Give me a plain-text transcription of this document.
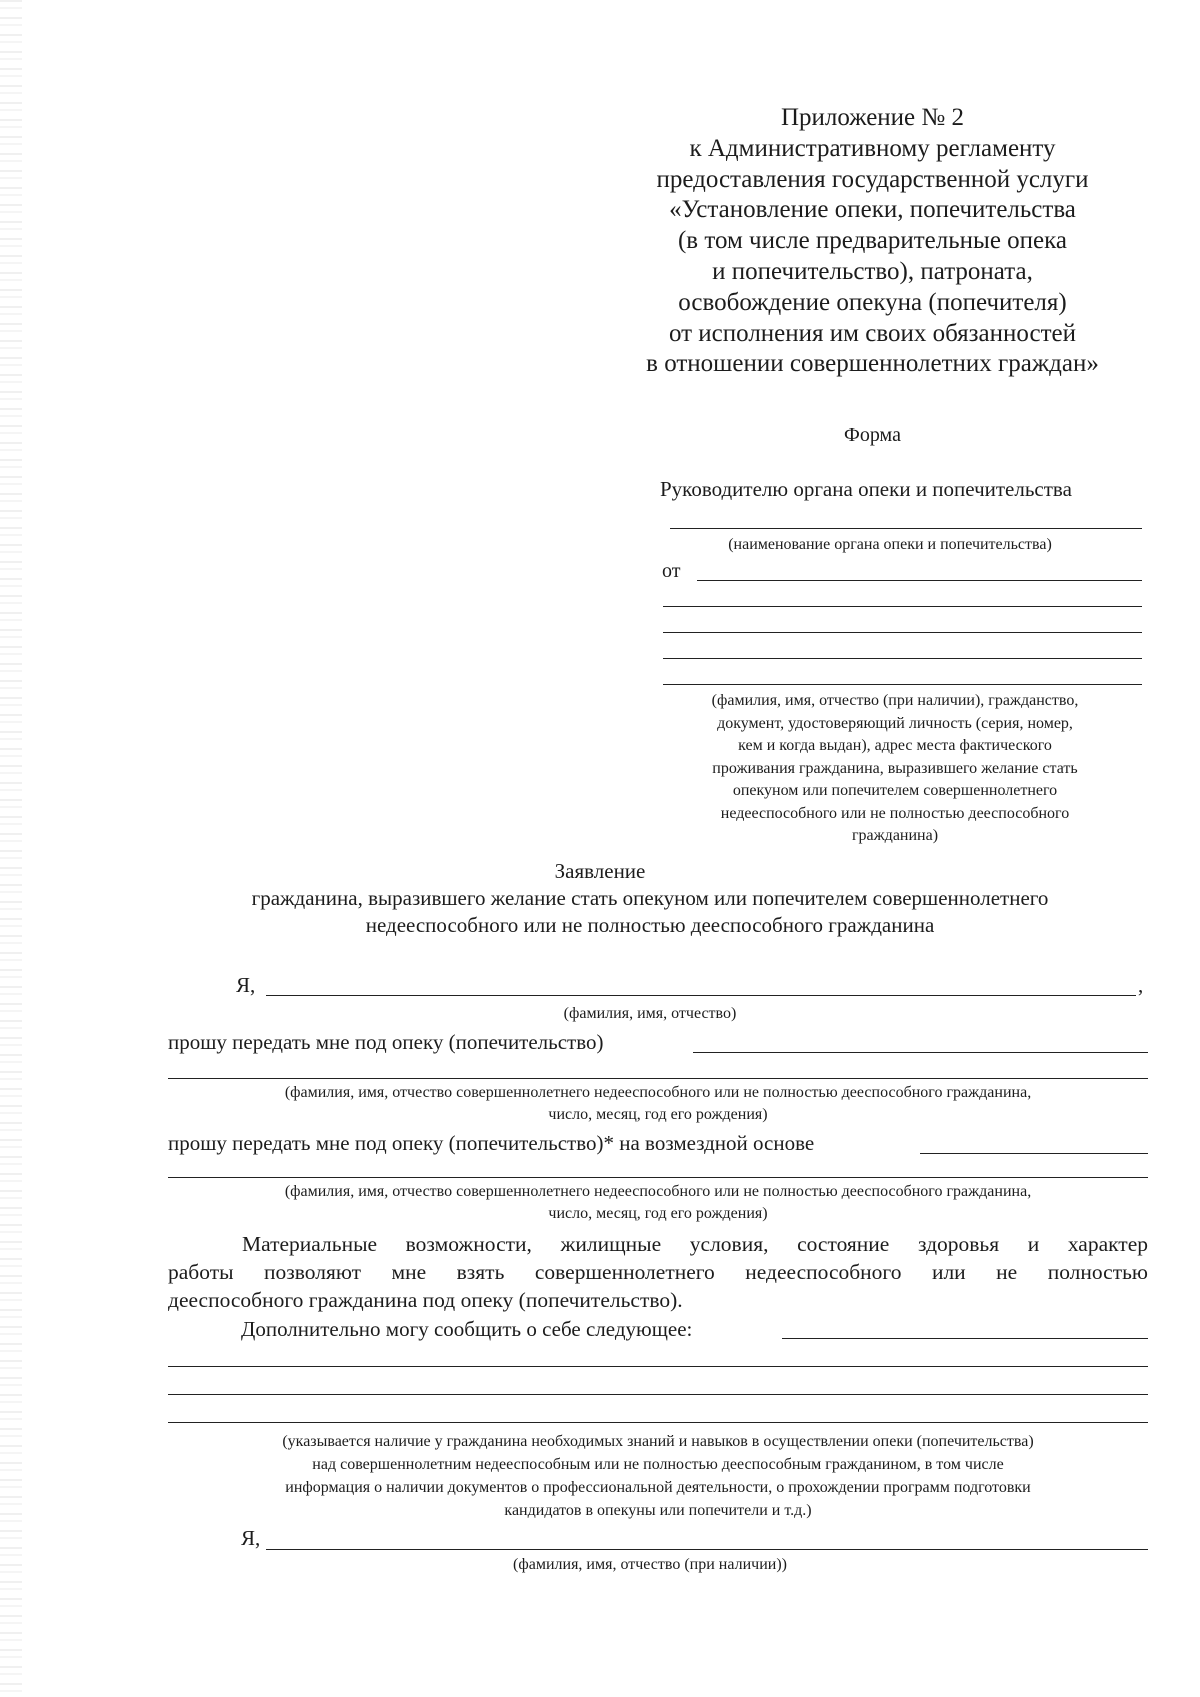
Приложение № 2
к Административному регламенту
предоставления государственной услуги
«Установление опеки, попечительства
(в том числе предварительные опека
и попечительство), патроната,
освобождение опекуна (попечителя)
от исполнения им своих обязанностей
в отношении совершеннолетних граждан»
Форма
Руководителю органа опеки и попечительства
(наименование органа опеки и попечительства)
от
(фамилия, имя, отчество (при наличии), гражданство,
документ, удостоверяющий личность (серия, номер,
кем и когда выдан), адрес места фактического
проживания гражданина, выразившего желание стать
опекуном или попечителем совершеннолетнего
недееспособного или не полностью дееспособного
гражданина)
Заявление
гражданина, выразившего желание стать опекуном или попечителем совершеннолетнего
недееспособного или не полностью дееспособного гражданина
Я,	,
(фамилия, имя, отчество)
прошу передать мне под опеку (попечительство)
(фамилия, имя, отчество совершеннолетнего недееспособного или не полностью дееспособного гражданина,
число, месяц, год его рождения)
прошу передать мне под опеку (попечительство)* на возмездной основе
(фамилия, имя, отчество совершеннолетнего недееспособного или не полностью дееспособного гражданина,
число, месяц, год его рождения)
Материальные возможности, жилищные условия, состояние здоровья и характер
работы позволяют мне взять совершеннолетнего недееспособного или не полностью
дееспособного гражданина под опеку (попечительство).
Дополнительно могу сообщить о себе следующее:
(указывается наличие у гражданина необходимых знаний и навыков в осуществлении опеки (попечительства)
над совершеннолетним недееспособным или не полностью дееспособным гражданином, в том числе
информация о наличии документов о профессиональной деятельности, о прохождении программ подготовки
кандидатов в опекуны или попечители и т.д.)
Я,
(фамилия, имя, отчество (при наличии))
